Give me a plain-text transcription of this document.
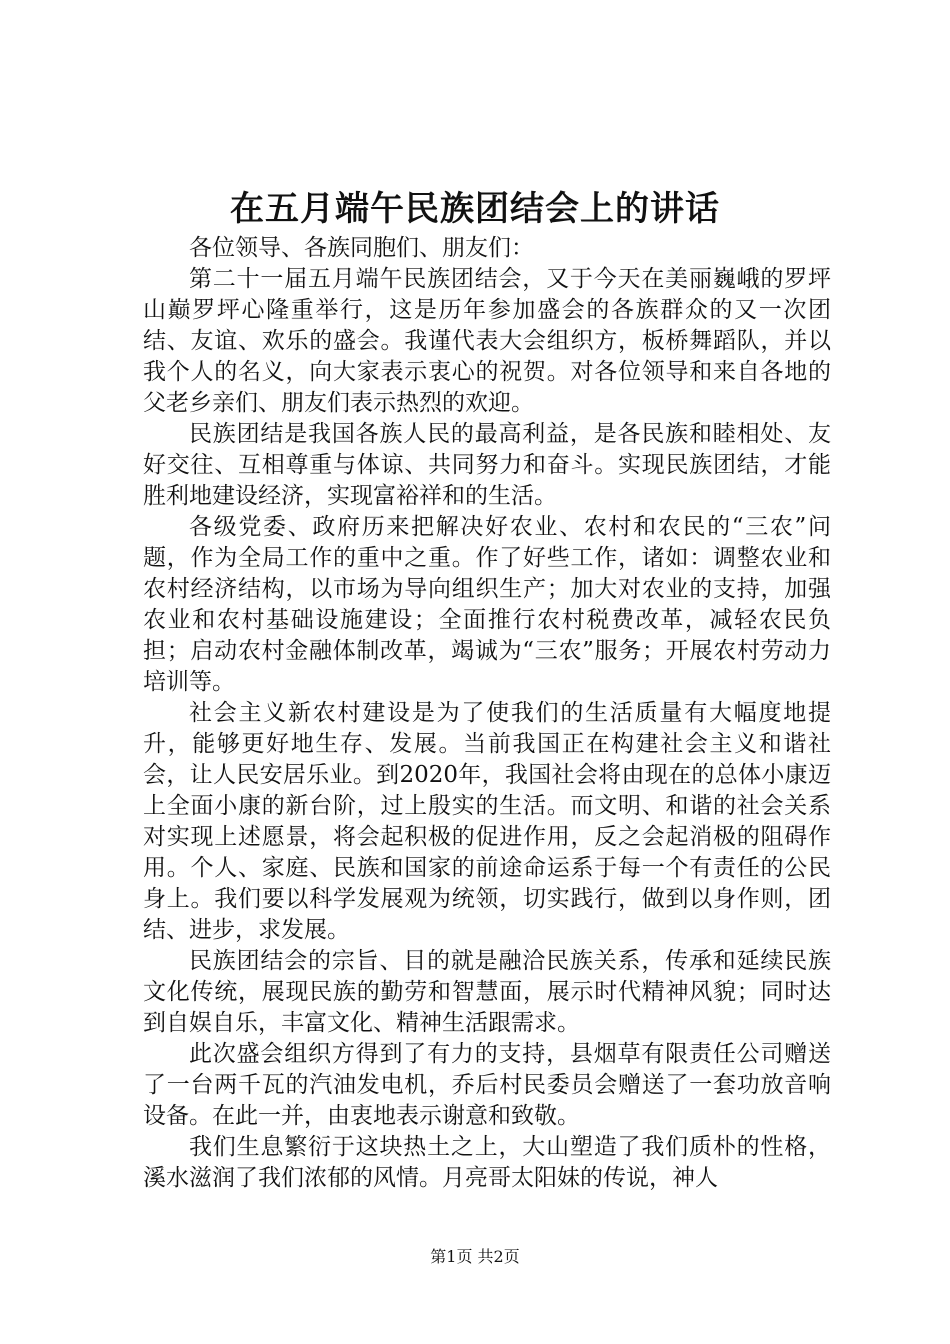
在五月端午民族团结会上的讲话

各位领导、各族同胞们、朋友们：

第二十一届五月端午民族团结会，又于今天在美丽巍峨的罗坪山巅罗坪心隆重举行，这是历年参加盛会的各族群众的又一次团结、友谊、欢乐的盛会。我谨代表大会组织方，板桥舞蹈队，并以我个人的名义，向大家表示衷心的祝贺。对各位领导和来自各地的父老乡亲们、朋友们表示热烈的欢迎。

民族团结是我国各族人民的最高利益，是各民族和睦相处、友好交往、互相尊重与体谅、共同努力和奋斗。实现民族团结，才能胜利地建设经济，实现富裕祥和的生活。

各级党委、政府历来把解决好农业、农村和农民的“三农”问题，作为全局工作的重中之重。作了好些工作，诸如：调整农业和农村经济结构，以市场为导向组织生产；加大对农业的支持，加强农业和农村基础设施建设；全面推行农村税费改革，减轻农民负担；启动农村金融体制改革，竭诚为“三农”服务；开展农村劳动力培训等。

社会主义新农村建设是为了使我们的生活质量有大幅度地提升，能够更好地生存、发展。当前我国正在构建社会主义和谐社会，让人民安居乐业。到2020年，我国社会将由现在的总体小康迈上全面小康的新台阶，过上殷实的生活。而文明、和谐的社会关系对实现上述愿景，将会起积极的促进作用，反之会起消极的阻碍作用。个人、家庭、民族和国家的前途命运系于每一个有责任的公民身上。我们要以科学发展观为统领，切实践行，做到以身作则，团结、进步，求发展。

民族团结会的宗旨、目的就是融洽民族关系，传承和延续民族文化传统，展现民族的勤劳和智慧面，展示时代精神风貌；同时达到自娱自乐，丰富文化、精神生活跟需求。

此次盛会组织方得到了有力的支持，县烟草有限责任公司赠送了一台两千瓦的汽油发电机，乔后村民委员会赠送了一套功放音响设备。在此一并，由衷地表示谢意和致敬。

我们生息繁衍于这块热土之上，大山塑造了我们质朴的性格，溪水滋润了我们浓郁的风情。月亮哥太阳妹的传说，神人

第1页 共2页
